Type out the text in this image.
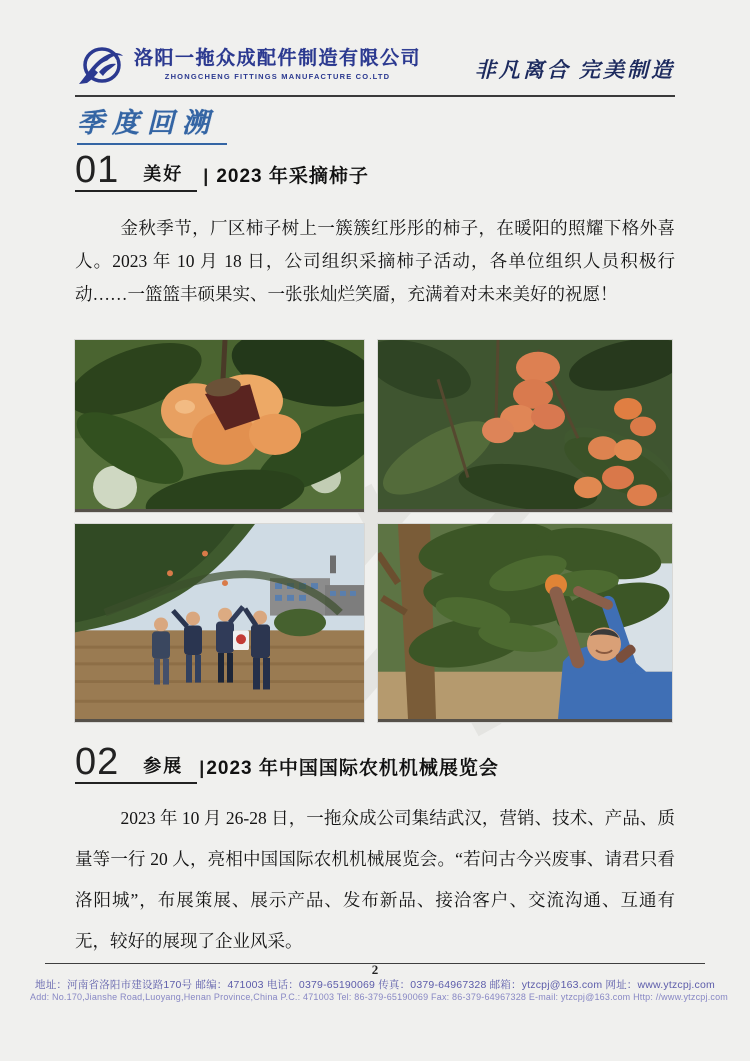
洛阳一拖众成配件制造有限公司
ZHONGCHENG FITTINGS MANUFACTURE CO.LTD	非凡离合 完美制造
季度回溯
01 美好 | 2023 年采摘柿子

金秋季节，厂区柿子树上一簇簇红彤彤的柿子，在暖阳的照耀下格外喜人。2023 年 10 月 18 日，公司组织采摘柿子活动，各单位组织人员积极行动……一篮篮丰硕果实、一张张灿烂笑靥，充满着对未来美好的祝愿！

02 参展 | 2023 年中国国际农机机械展览会

2023 年 10 月 26-28 日，一拖众成公司集结武汉，营销、技术、产品、质量等一行 20 人，亮相中国国际农机机械展览会。“若问古今兴废事、请君只看洛阳城”，布展策展、展示产品、发布新品、接洽客户、交流沟通、互通有无，较好的展现了企业风采。

2
地址：河南省洛阳市建设路170号 邮编：471003 电话：0379-65190069 传真：0379-64967328 邮箱：ytzcpj@163.com 网址：www.ytzcpj.com
Add: No.170,Jianshe Road,Luoyang,Henan Province,China P.C.: 471003 Tel: 86-379-65190069 Fax: 86-379-64967328 E-mail: ytzcpj@163.com Http: //www.ytzcpj.com
